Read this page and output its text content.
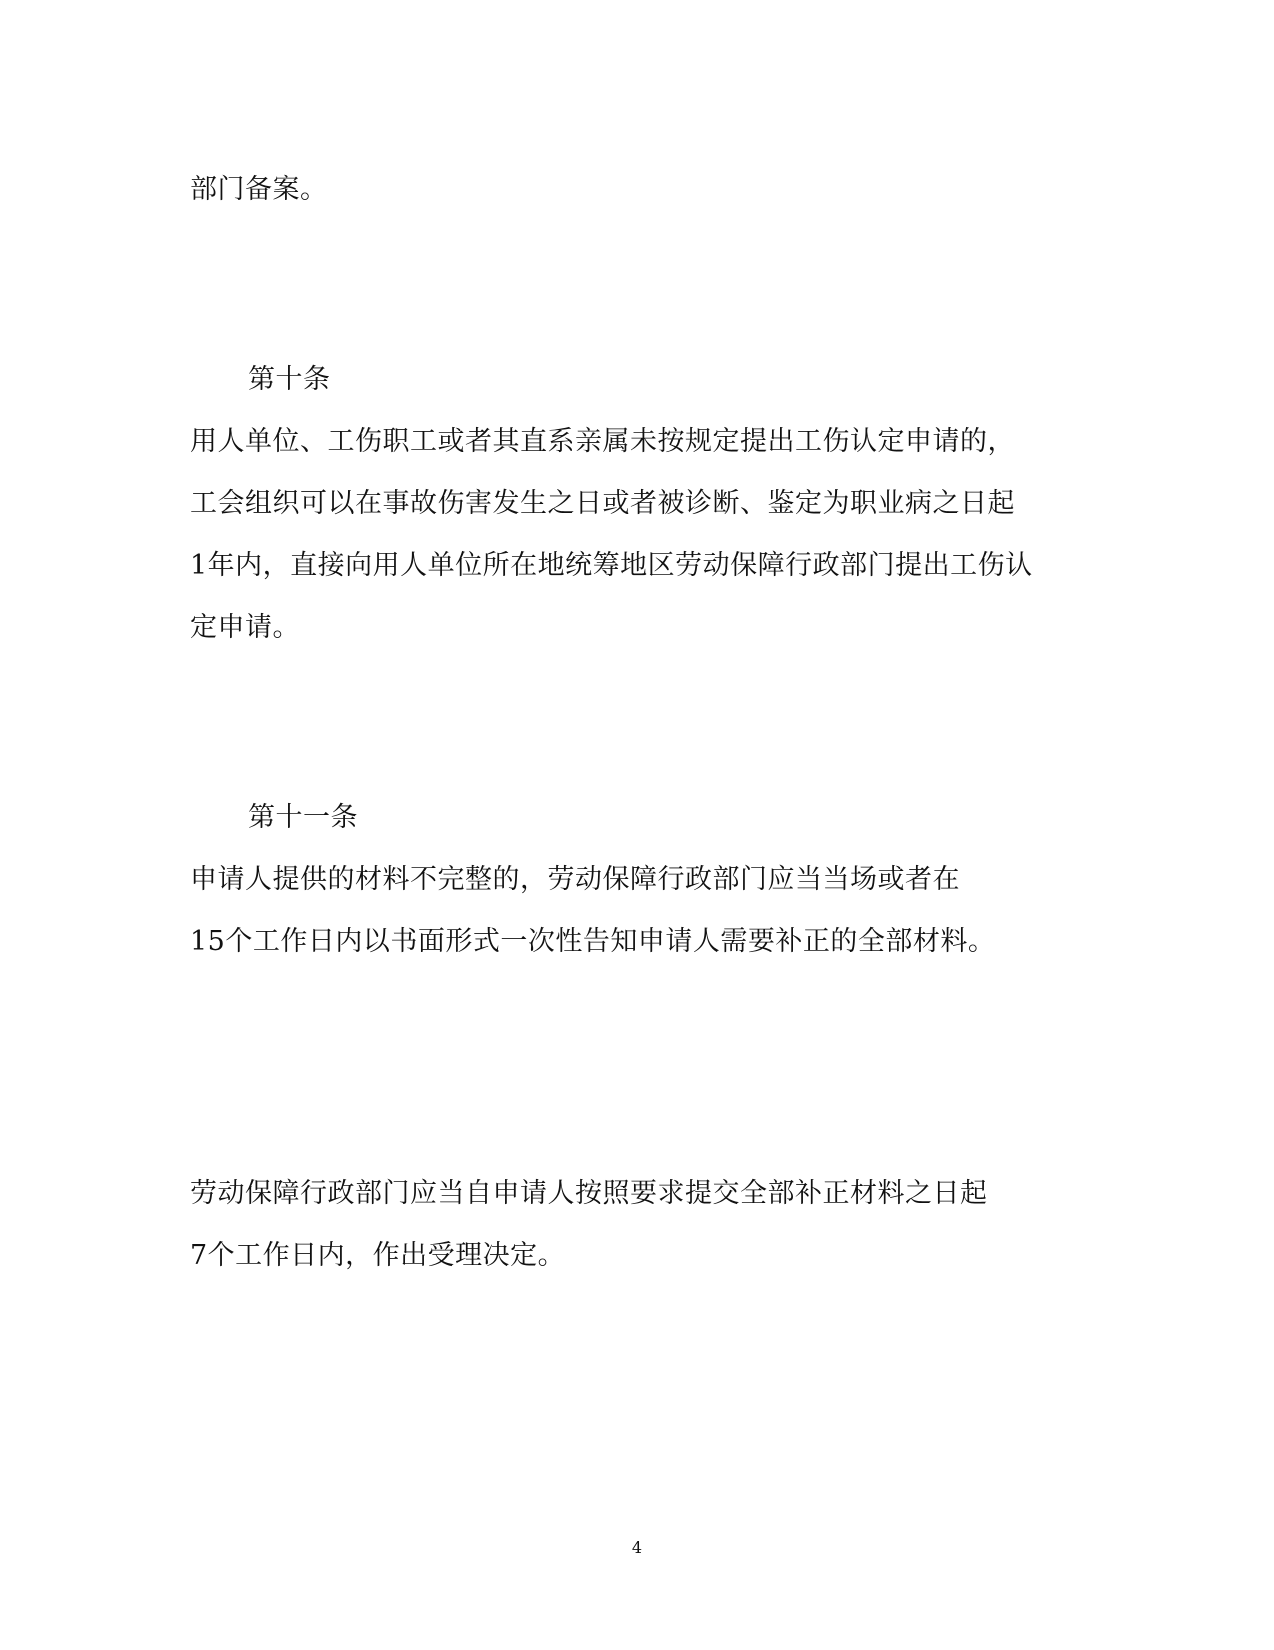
部门备案。
第十条
用人单位、工伤职工或者其直系亲属未按规定提出工伤认定申请的，
工会组织可以在事故伤害发生之日或者被诊断、鉴定为职业病之日起
1年内，直接向用人单位所在地统筹地区劳动保障行政部门提出工伤认
定申请。
第十一条
申请人提供的材料不完整的，劳动保障行政部门应当当场或者在
15个工作日内以书面形式一次性告知申请人需要补正的全部材料。
劳动保障行政部门应当自申请人按照要求提交全部补正材料之日起
7个工作日内，作出受理决定。
4
